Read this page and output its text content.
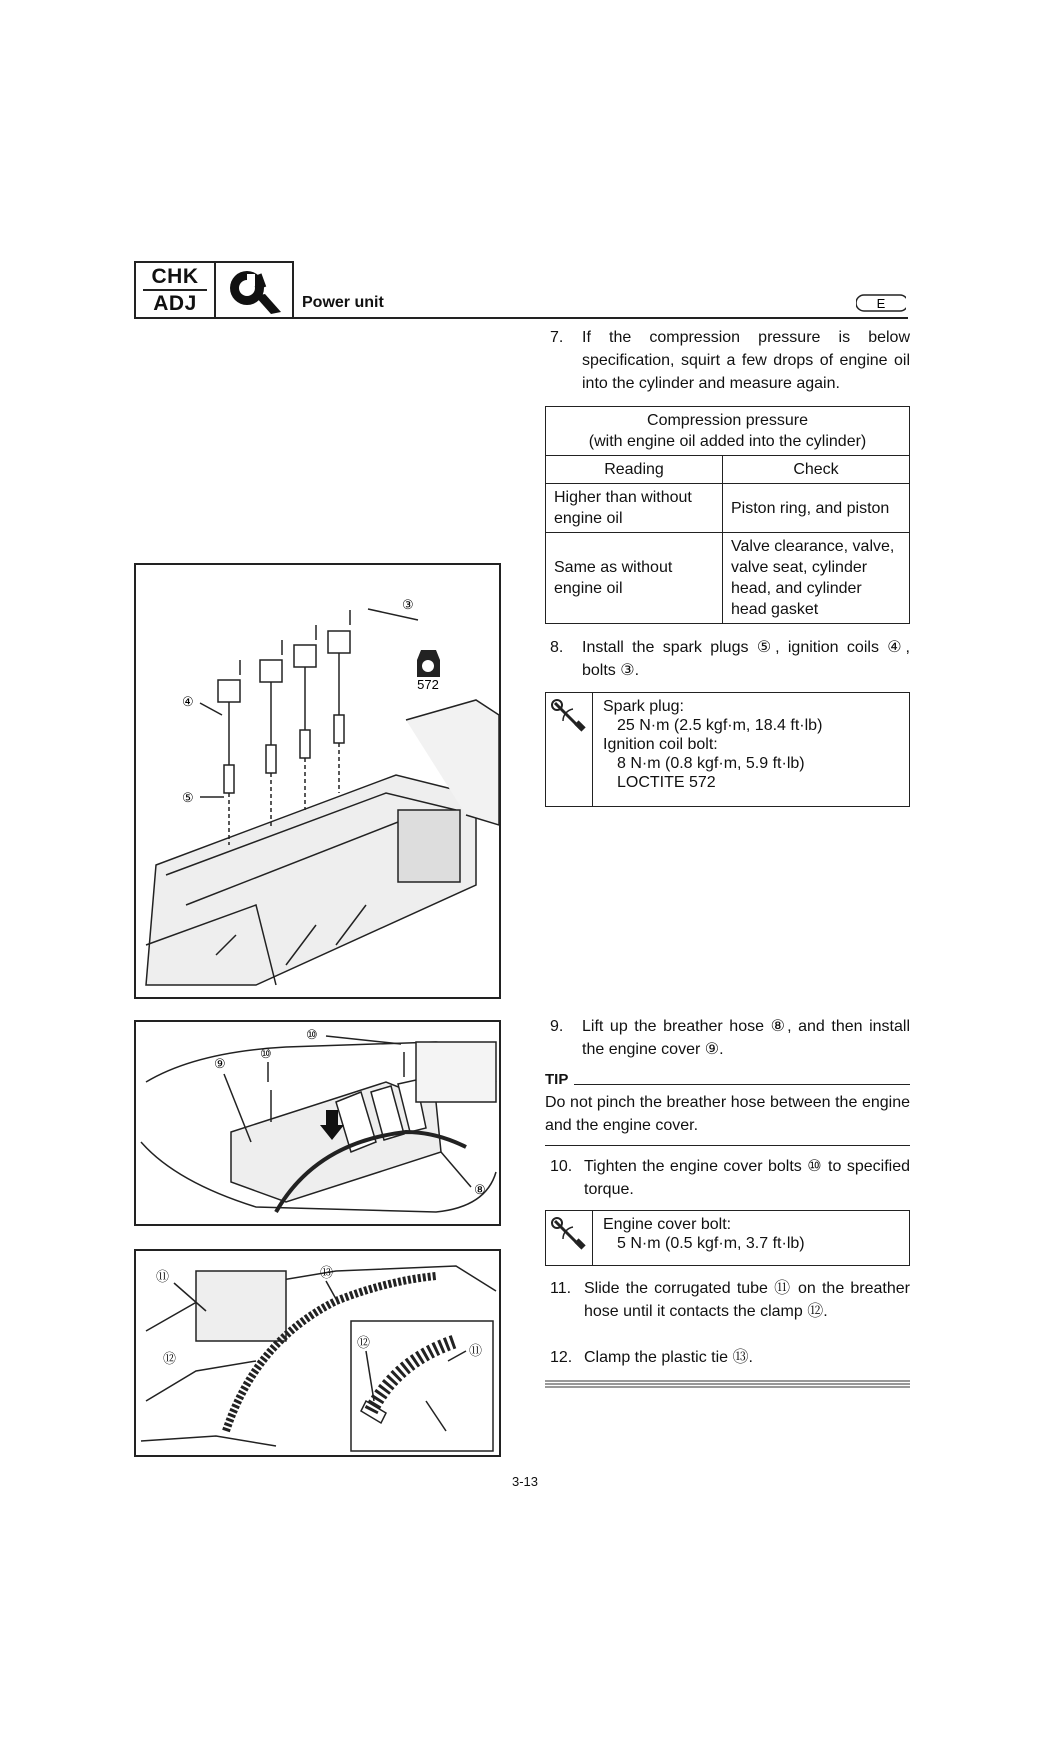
CHK
ADJ	Power unit	E
7. If the compression pressure is below specification, squirt a few drops of engine oil into the cylinder and measure again.
Compression pressure
(with engine oil added into the cylinder)	

Reading	Check
Higher than without engine oil	Piston ring, and piston
Same as without engine oil	Valve clearance, valve, valve seat, cylinder head, and cylinder head gasket
8. Install the spark plugs ⑤, ignition coils ④, bolts ③.
Spark plug:
25 N·m (2.5 kgf·m, 18.4 ft·lb)
Ignition coil bolt:
8 N·m (0.8 kgf·m, 5.9 ft·lb)
LOCTITE 572
572
③
④
⑤
9. Lift up the breather hose ⑧, and then install the engine cover ⑨.
TIP
Do not pinch the breather hose between the engine and the engine cover.
10. Tighten the engine cover bolts ⑩ to specified torque.
Engine cover bolt:
5 N·m (0.5 kgf·m, 3.7 ft·lb)
11. Slide the corrugated tube ⑪ on the breather hose until it contacts the clamp ⑫.
12. Clamp the plastic tie ⑬.
⑨
⑩
⑩
⑧
⑪
⑫
⑬
⑫
⑪
3-13
